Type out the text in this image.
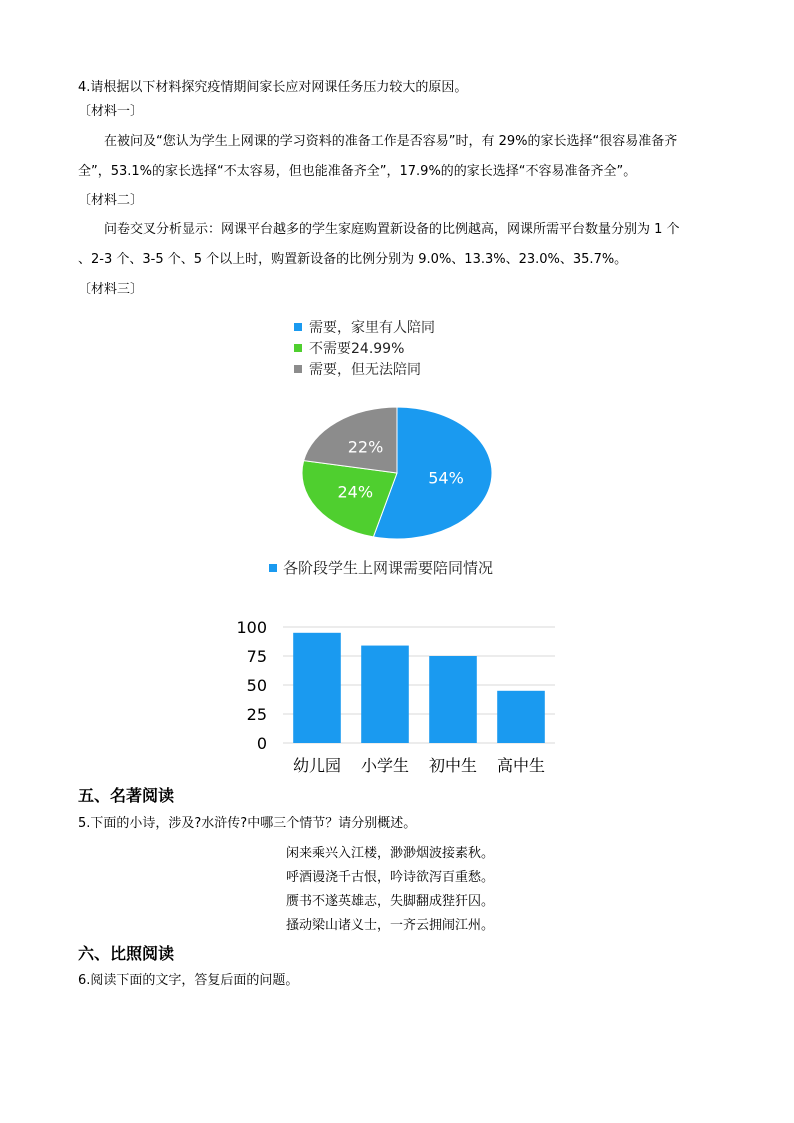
4.请根据以下材料探究疫情期间家长应对网课任务压力较大的原因。
〔材料一〕
在被问及“您认为学生上网课的学习资料的准备工作是否容易”时，有 29%的家长选择“很容易准备齐
全”，53.1%的家长选择“不太容易，但也能准备齐全”，17.9%的的家长选择“不容易准备齐全”。
〔材料二〕
问卷交叉分析显示：网课平台越多的学生家庭购置新设备的比例越高，网课所需平台数量分别为 1 个
、2-3 个、3-5 个、5 个以上时，购置新设备的比例分别为 9.0%、13.3%、23.0%、35.7%。
〔材料三〕
需要，家里有人陪同
不需要24.99%
需要，但无法陪同
54%
24%
22%
各阶段学生上网课需要陪同情况
0
25
50
75
100
幼儿园 小学生 初中生 高中生
五、名著阅读
5.下面的小诗，涉及?水浒传?中哪三个情节？请分别概述。
闲来乘兴入江楼，渺渺烟波接素秋。
呼酒谩浇千古恨，吟诗欲泻百重愁。
赝书不遂英雄志，失脚翻成狴犴囚。
搔动梁山诸义士，一齐云拥闹江州。
六、比照阅读
6.阅读下面的文字，答复后面的问题。
